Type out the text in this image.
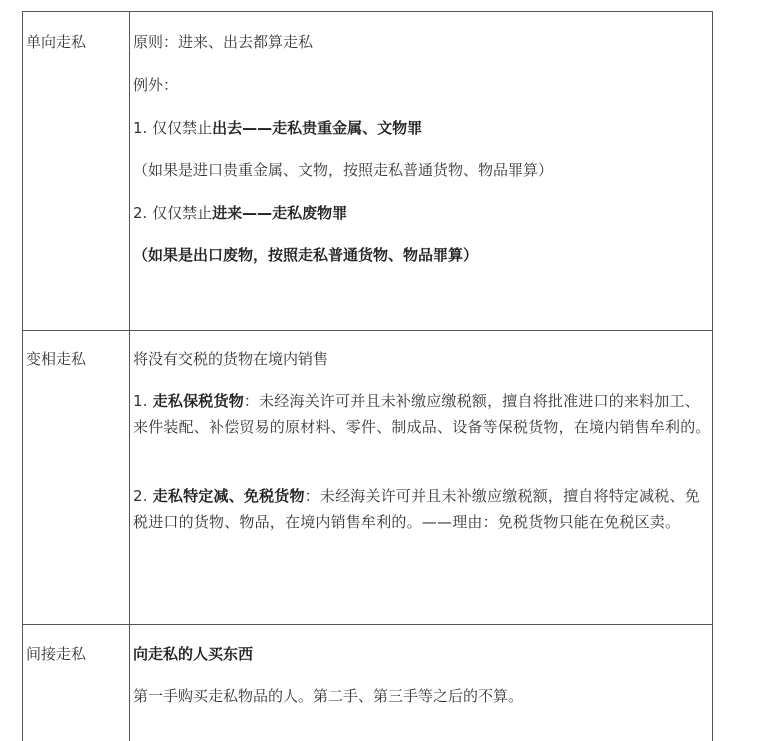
单向走私	原则：进来、出去都算走私
例外：
1. 仅仅禁止出去——走私贵重金属、文物罪
（如果是进口贵重金属、文物，按照走私普通货物、物品罪算）
2. 仅仅禁止进来——走私废物罪
（如果是出口废物，按照走私普通货物、物品罪算）
变相走私	将没有交税的货物在境内销售
1. 走私保税货物：未经海关许可并且未补缴应缴税额，擅自将批准进口的来料加工、来件装配、补偿贸易的原材料、零件、制成品、设备等保税货物，在境内销售牟利的。
2. 走私特定减、免税货物：未经海关许可并且未补缴应缴税额，擅自将特定减税、免税进口的货物、物品，在境内销售牟利的。——理由：免税货物只能在免税区卖。
间接走私	向走私的人买东西
第一手购买走私物品的人。第二手、第三手等之后的不算。
